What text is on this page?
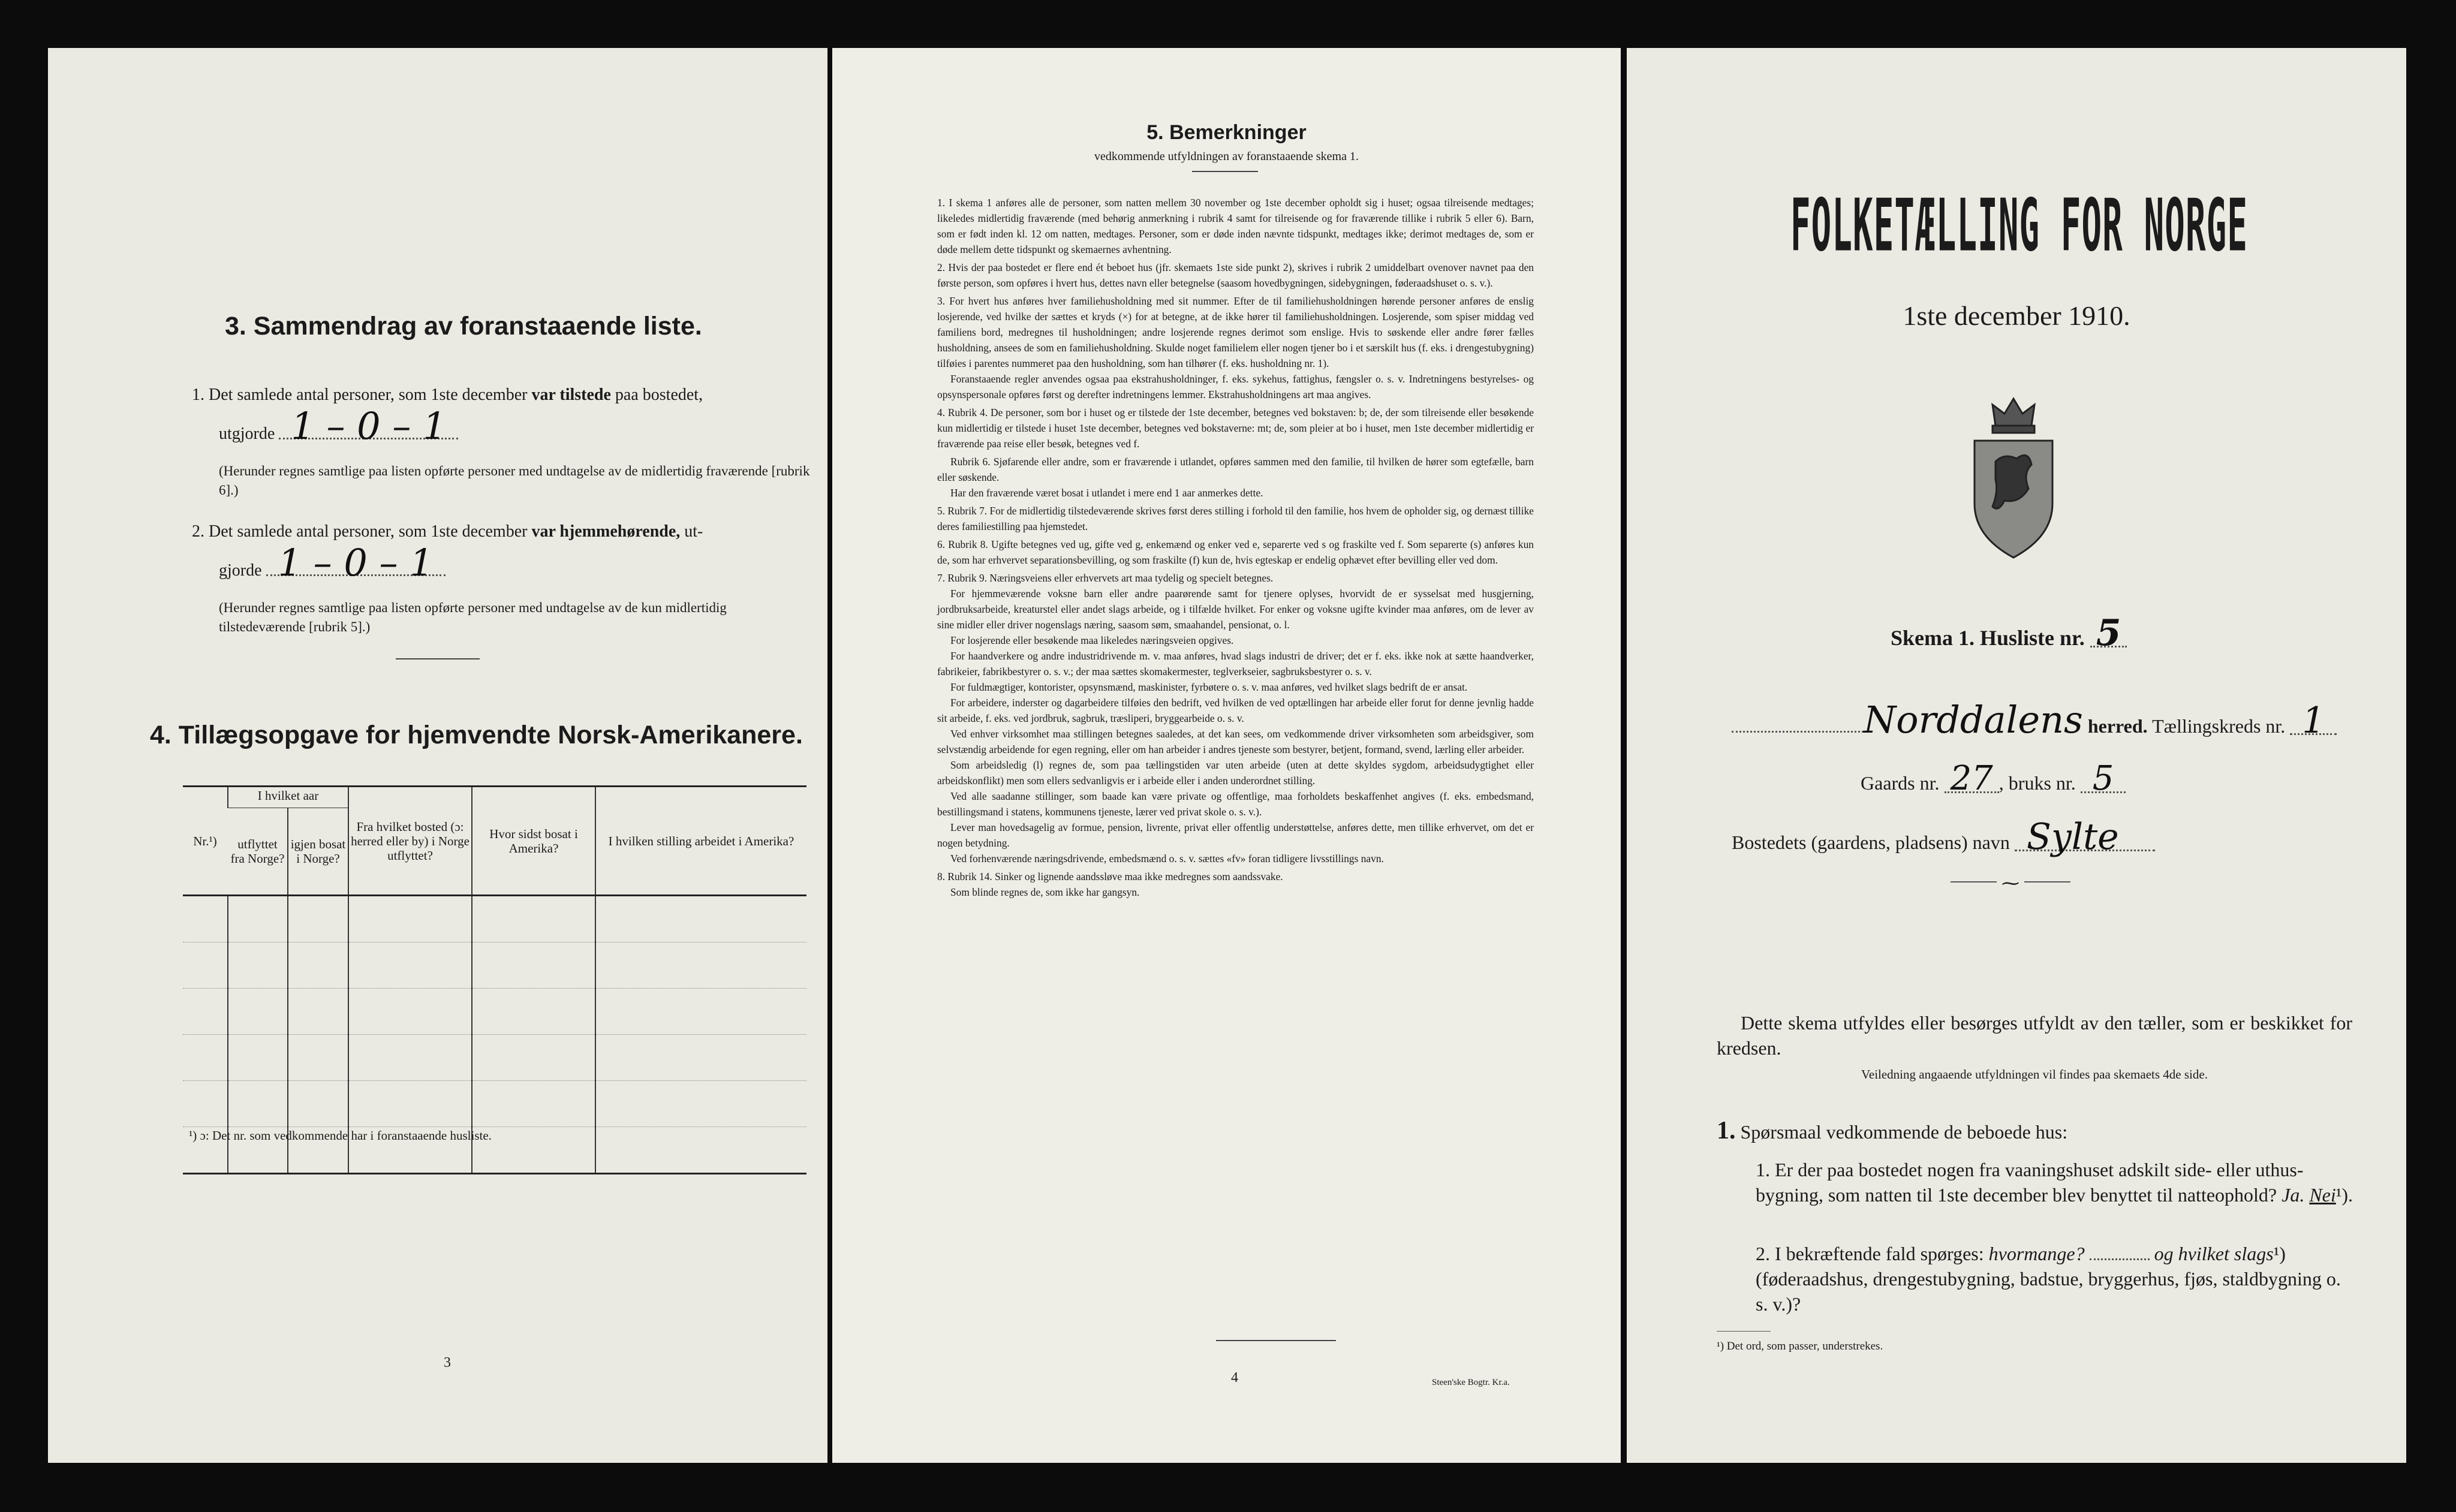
3. Sammendrag av foranstaaende liste.
1. Det samlede antal personer, som 1ste december var tilstede paa bostedet,
utgjorde 1 – 0 – 1
(Herunder regnes samtlige paa listen opførte personer med undtagelse av de midlertidig fraværende [rubrik 6].)
2. Det samlede antal personer, som 1ste december var hjemmehørende, ut-
gjorde 1 – 0 – 1
(Herunder regnes samtlige paa listen opførte personer med undtagelse av de kun midlertidig tilstedeværende [rubrik 5].)
4. Tillægsopgave for hjemvendte Norsk-Amerikanere.
Nr.¹)	I hvilket aar		Fra hvilket bosted (ɔ: herred eller by) i Norge utflyttet?	Hvor sidst bosat i Amerika?	I hvilken stilling arbeidet i Amerika?
	utflyttet fra Norge?	igjen bosat i Norge?			

¹) ɔ: Det nr. som vedkommende har i foranstaaende husliste.
3
5. Bemerkninger
vedkommende utfyldningen av foranstaaende skema 1.

1. I skema 1 anføres alle de personer, som natten mellem 30 november og 1ste december opholdt sig i huset; ogsaa tilreisende medtages; likeledes midlertidig fraværende (med behørig anmerkning i rubrik 4 samt for tilreisende og for fraværende tillike i rubrik 5 eller 6). Barn, som er født inden kl. 12 om natten, medtages. Personer, som er døde inden nævnte tidspunkt, medtages ikke; derimot medtages de, som er døde mellem dette tidspunkt og skemaernes avhentning.

2. Hvis der paa bostedet er flere end ét beboet hus (jfr. skemaets 1ste side punkt 2), skrives i rubrik 2 umiddelbart ovenover navnet paa den første person, som opføres i hvert hus, dettes navn eller betegnelse (saasom hovedbygningen, sidebygningen, føderaadshuset o. s. v.).

3. For hvert hus anføres hver familiehusholdning med sit nummer. Efter de til familiehusholdningen hørende personer anføres de enslig losjerende, ved hvilke der sættes et kryds (×) for at betegne, at de ikke hører til familiehusholdningen. Losjerende, som spiser middag ved familiens bord, medregnes til husholdningen; andre losjerende regnes derimot som enslige. Hvis to søskende eller andre fører fælles husholdning, ansees de som en familiehusholdning. Skulde noget familielem eller nogen tjener bo i et særskilt hus (f. eks. i drengestubygning) tilføies i parentes nummeret paa den husholdning, som han tilhører (f. eks. husholdning nr. 1).

Foranstaaende regler anvendes ogsaa paa ekstrahusholdninger, f. eks. sykehus, fattighus, fængsler o. s. v. Indretningens bestyrelses- og opsynspersonale opføres først og derefter indretningens lemmer. Ekstrahusholdningens art maa angives.

4. Rubrik 4. De personer, som bor i huset og er tilstede der 1ste december, betegnes ved bokstaven: b; de, der som tilreisende eller besøkende kun midlertidig er tilstede i huset 1ste december, betegnes ved bokstaverne: mt; de, som pleier at bo i huset, men 1ste december midlertidig er fraværende paa reise eller besøk, betegnes ved f.

Rubrik 6. Sjøfarende eller andre, som er fraværende i utlandet, opføres sammen med den familie, til hvilken de hører som egtefælle, barn eller søskende.

Har den fraværende været bosat i utlandet i mere end 1 aar anmerkes dette.

5. Rubrik 7. For de midlertidig tilstedeværende skrives først deres stilling i forhold til den familie, hos hvem de opholder sig, og dernæst tillike deres familiestilling paa hjemstedet.

6. Rubrik 8. Ugifte betegnes ved ug, gifte ved g, enkemænd og enker ved e, separerte ved s og fraskilte ved f. Som separerte (s) anføres kun de, som har erhvervet separationsbevilling, og som fraskilte (f) kun de, hvis egteskap er endelig ophævet efter bevilling eller ved dom.

7. Rubrik 9. Næringsveiens eller erhvervets art maa tydelig og specielt betegnes.

For hjemmeværende voksne barn eller andre paarørende samt for tjenere oplyses, hvorvidt de er sysselsat med husgjerning, jordbruksarbeide, kreaturstel eller andet slags arbeide, og i tilfælde hvilket. For enker og voksne ugifte kvinder maa anføres, om de lever av sine midler eller driver nogenslags næring, saasom søm, smaahandel, pensionat, o. l.

For losjerende eller besøkende maa likeledes næringsveien opgives.

For haandverkere og andre industridrivende m. v. maa anføres, hvad slags industri de driver; det er f. eks. ikke nok at sætte haandverker, fabrikeier, fabrikbestyrer o. s. v.; der maa sættes skomakermester, teglverkseier, sagbruksbestyrer o. s. v.

For fuldmægtiger, kontorister, opsynsmænd, maskinister, fyrbøtere o. s. v. maa anføres, ved hvilket slags bedrift de er ansat.

For arbeidere, inderster og dagarbeidere tilføies den bedrift, ved hvilken de ved optællingen har arbeide eller forut for denne jevnlig hadde sit arbeide, f. eks. ved jordbruk, sagbruk, træsliperi, bryggearbeide o. s. v.

Ved enhver virksomhet maa stillingen betegnes saaledes, at det kan sees, om vedkommende driver virksomheten som arbeidsgiver, som selvstændig arbeidende for egen regning, eller om han arbeider i andres tjeneste som bestyrer, betjent, formand, svend, lærling eller arbeider.

Som arbeidsledig (l) regnes de, som paa tællingstiden var uten arbeide (uten at dette skyldes sygdom, arbeidsudygtighet eller arbeidskonflikt) men som ellers sedvanligvis er i arbeide eller i anden underordnet stilling.

Ved alle saadanne stillinger, som baade kan være private og offentlige, maa forholdets beskaffenhet angives (f. eks. embedsmand, bestillingsmand i statens, kommunens tjeneste, lærer ved privat skole o. s. v.).

Lever man hovedsagelig av formue, pension, livrente, privat eller offentlig understøttelse, anføres dette, men tillike erhvervet, om det er nogen betydning.

Ved forhenværende næringsdrivende, embedsmænd o. s. v. sættes «fv» foran tidligere livsstillings navn.

8. Rubrik 14. Sinker og lignende aandssløve maa ikke medregnes som aandssvake.

Som blinde regnes de, som ikke har gangsyn.

4	Steen'ske Bogtr. Kr.a.
FOLKETÆLLING FOR NORGE
1ste december 1910.
Skema 1. Husliste nr. 5
Norddalens herred. Tællingskreds nr. 1
Gaards nr. 27 , bruks nr. 5
Bostedets (gaardens, pladsens) navn Sylte
⁓
Dette skema utfyldes eller besørges utfyldt av den tæller, som er beskikket for kredsen.
Veiledning angaaende utfyldningen vil findes paa skemaets 4de side.
1. Spørsmaal vedkommende de beboede hus:
1. Er der paa bostedet nogen fra vaaningshuset adskilt side- eller uthus-bygning, som natten til 1ste december blev benyttet til natteophold? Ja. Nei¹).
2. I bekræftende fald spørges: hvormange?	og hvilket slags¹) (føderaadshus, drengestubygning, badstue, bryggerhus, fjøs, staldbygning o. s. v.)?
¹) Det ord, som passer, understrekes.
